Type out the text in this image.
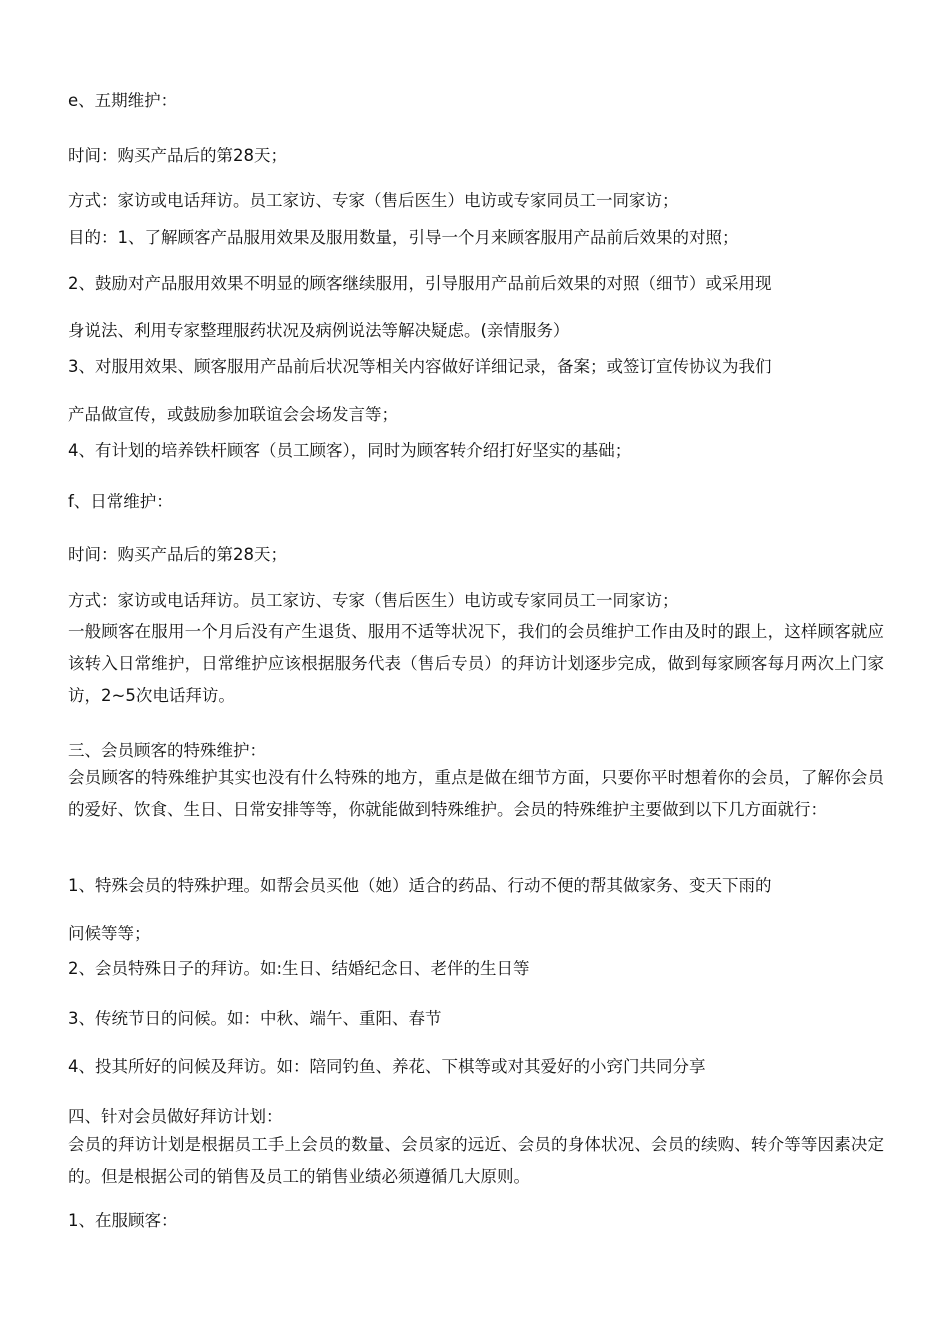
e、五期维护：
时间：购买产品后的第28天；
方式：家访或电话拜访。员工家访、专家（售后医生）电访或专家同员工一同家访；
目的：1、了解顾客产品服用效果及服用数量，引导一个月来顾客服用产品前后效果的对照；
2、鼓励对产品服用效果不明显的顾客继续服用，引导服用产品前后效果的对照（细节）或采用现
身说法、利用专家整理服药状况及病例说法等解决疑虑。(亲情服务）
3、对服用效果、顾客服用产品前后状况等相关内容做好详细记录，备案；或签订宣传协议为我们
产品做宣传，或鼓励参加联谊会会场发言等；
4、有计划的培养铁杆顾客（员工顾客），同时为顾客转介绍打好坚实的基础；
f、日常维护：
时间：购买产品后的第28天；
方式：家访或电话拜访。员工家访、专家（售后医生）电访或专家同员工一同家访；
一般顾客在服用一个月后没有产生退货、服用不适等状况下，我们的会员维护工作由及时的跟上，这样顾客就应该转入日常维护，日常维护应该根据服务代表（售后专员）的拜访计划逐步完成，做到每家顾客每月两次上门家访，2~5次电话拜访。
三、会员顾客的特殊维护：
会员顾客的特殊维护其实也没有什么特殊的地方，重点是做在细节方面，只要你平时想着你的会员，了解你会员的爱好、饮食、生日、日常安排等等，你就能做到特殊维护。会员的特殊维护主要做到以下几方面就行：
1、特殊会员的特殊护理。如帮会员买他（她）适合的药品、行动不便的帮其做家务、变天下雨的
问候等等；
2、会员特殊日子的拜访。如:生日、结婚纪念日、老伴的生日等
3、传统节日的问候。如：中秋、端午、重阳、春节
4、投其所好的问候及拜访。如：陪同钓鱼、养花、下棋等或对其爱好的小窍门共同分享
四、针对会员做好拜访计划：
会员的拜访计划是根据员工手上会员的数量、会员家的远近、会员的身体状况、会员的续购、转介等等因素决定的。但是根据公司的销售及员工的销售业绩必须遵循几大原则。
1、在服顾客：
